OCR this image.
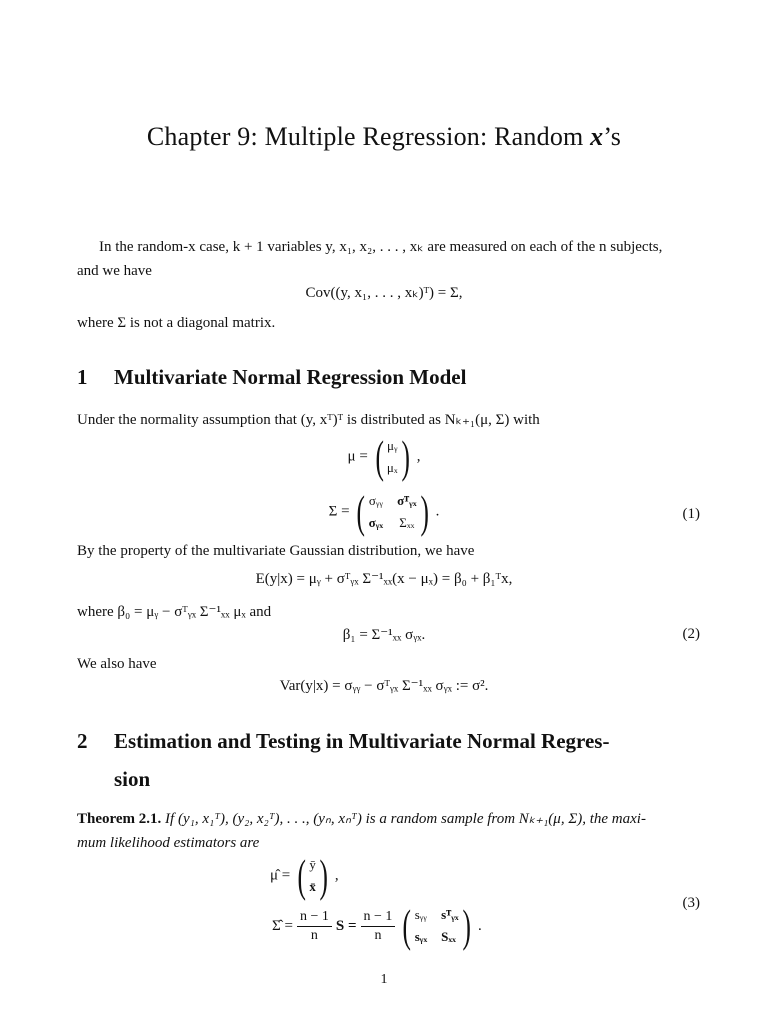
Chapter 9: Multiple Regression: Random x’s
In the random-x case, k + 1 variables y, x₁, x₂, . . . , xₖ are measured on each of the n subjects,
and we have
Cov((y, x₁, . . . , xₖ)ᵀ) = Σ,
where Σ is not a diagonal matrix.
1 Multivariate Normal Regression Model
Under the normality assumption that (y, xᵀ)ᵀ is distributed as Nₖ₊₁(μ, Σ) with
μ = ( μᵧ
μₓ ) ,
Σ = ( σᵧᵧ σᵀᵧₓ
σᵧₓ Σₓₓ ) .	(1)
By the property of the multivariate Gaussian distribution, we have
E(y|x) = μᵧ + σᵀᵧₓ Σ⁻¹ₓₓ(x − μₓ) = β₀ + β₁ᵀx,
where β₀ = μᵧ − σᵀᵧₓ Σ⁻¹ₓₓ μₓ and
β₁ = Σ⁻¹ₓₓ σᵧₓ.	(2)
We also have
Var(y|x) = σᵧᵧ − σᵀᵧₓ Σ⁻¹ₓₓ σᵧₓ := σ².
2 Estimation and Testing in Multivariate Normal Regres-
sion
Theorem 2.1. If (y₁, x₁ᵀ), (y₂, x₂ᵀ), . . ., (yₙ, xₙᵀ) is a random sample from Nₖ₊₁(μ, Σ), the maxi-
mum likelihood estimators are
μ̂ = ( ȳ
x̄ ) ,
Σ̂ = $\frac{n - 1}{n}$ $S = \frac{n - 1}{n}$ ( sᵧᵧ sᵀᵧₓ
sᵧₓ Sₓₓ ) .
(3)
1
